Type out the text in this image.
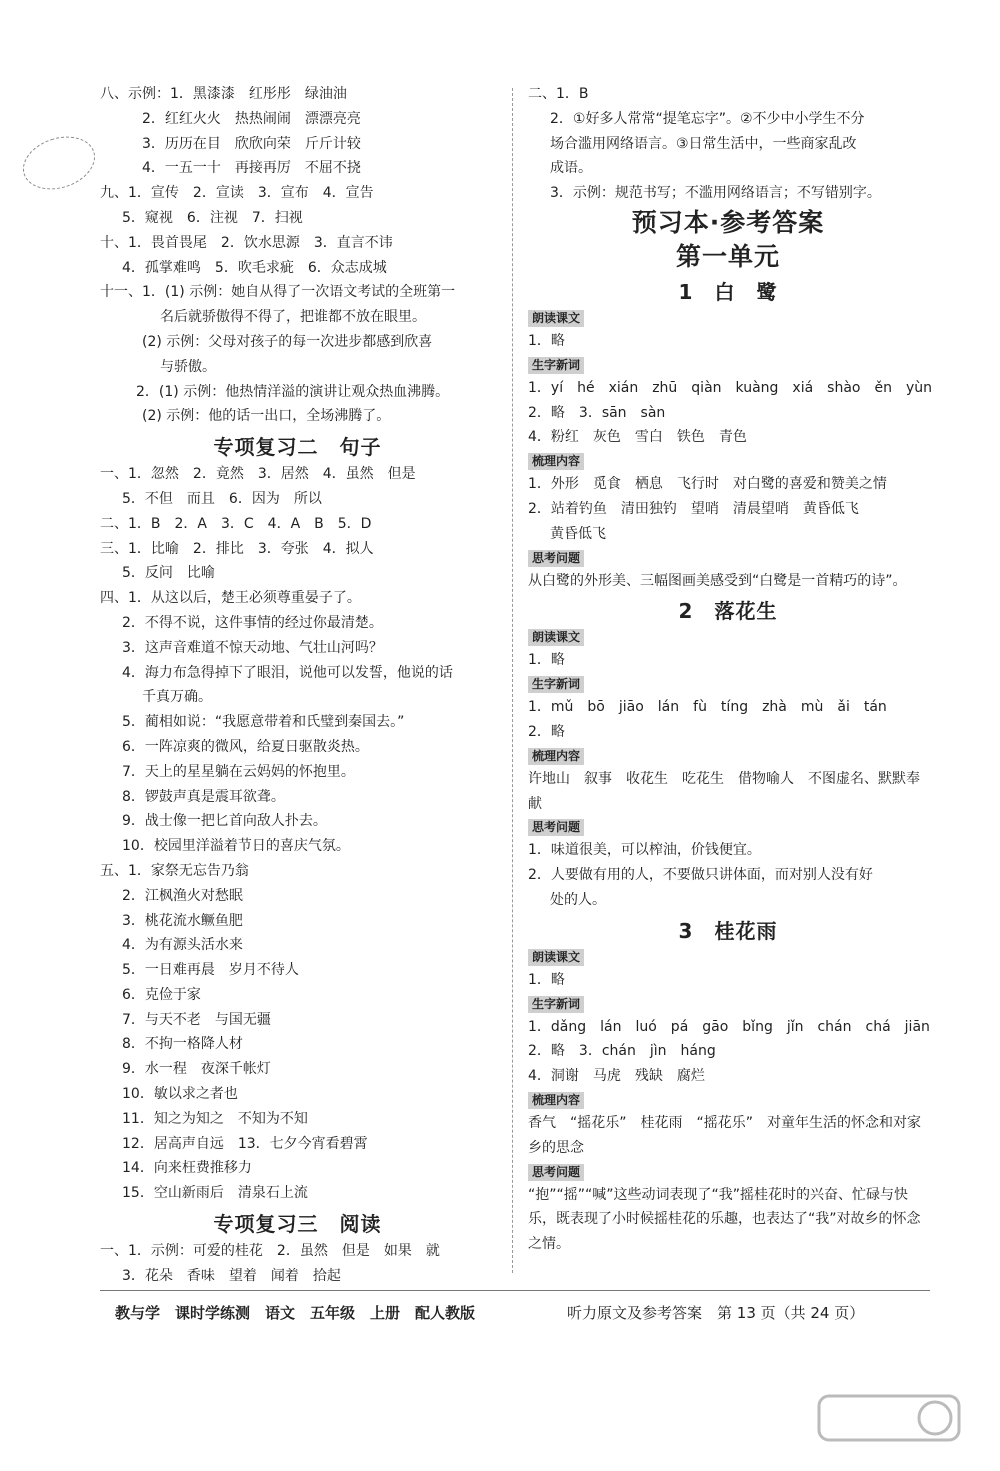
八、示例：1．黑漆漆　红彤彤　绿油油
2．红红火火　热热闹闹　漂漂亮亮
3．历历在目　欣欣向荣　斤斤计较
4．一五一十　再接再厉　不屈不挠
九、1．宣传　2．宣读　3．宣布　4．宣告
5．窥视　6．注视　7．扫视
十、1．畏首畏尾　2．饮水思源　3．直言不讳
4．孤掌难鸣　5．吹毛求疵　6．众志成城
十一、1．(1) 示例：她自从得了一次语文考试的全班第一
名后就骄傲得不得了，把谁都不放在眼里。
(2) 示例：父母对孩子的每一次进步都感到欣喜
与骄傲。
　2．(1) 示例：他热情洋溢的演讲让观众热血沸腾。
(2) 示例：他的话一出口，全场沸腾了。
专项复习二　句子
一、1．忽然　2．竟然　3．居然　4．虽然　但是
5．不但　而且　6．因为　所以
二、1．B　2．A　3．C　4．A　B　5．D
三、1．比喻　2．排比　3．夸张　4．拟人
5．反问　比喻
四、1．从这以后，楚王必须尊重晏子了。
2．不得不说，这件事情的经过你最清楚。
3．这声音难道不惊天动地、气壮山河吗？
4．海力布急得掉下了眼泪，说他可以发誓，他说的话
千真万确。
5．蔺相如说：“我愿意带着和氏璧到秦国去。”
6．一阵凉爽的微风，给夏日驱散炎热。
7．天上的星星躺在云妈妈的怀抱里。
8．锣鼓声真是震耳欲聋。
9．战士像一把匕首向敌人扑去。
10．校园里洋溢着节日的喜庆气氛。
五、1．家祭无忘告乃翁
2．江枫渔火对愁眠
3．桃花流水鳜鱼肥
4．为有源头活水来
5．一日难再晨　岁月不待人
6．克俭于家
7．与天不老　与国无疆
8．不拘一格降人材
9．水一程　夜深千帐灯
10．敏以求之者也
11．知之为知之　不知为不知
12．居高声自远　13．七夕今宵看碧霄
14．向来枉费推移力
15．空山新雨后　清泉石上流
专项复习三　阅读
一、1．示例：可爱的桂花　2．虽然　但是　如果　就
3．花朵　香味　望着　闻着　拾起
二、1．B
2．①好多人常常“提笔忘字”。②不少中小学生不分
场合滥用网络语言。③日常生活中，一些商家乱改
成语。
3．示例：规范书写；不滥用网络语言；不写错别字。
预习本·参考答案
第一单元
1　白　鹭
朗读课文
1．略
生字新词
1．yí　hé　xián　zhū　qiàn　kuàng　xiá　shào　ěn　yùn
2．略　3．sān　sàn
4．粉红　灰色　雪白　铁色　青色
梳理内容
1．外形　觅食　栖息　飞行时　对白鹭的喜爱和赞美之情
2．站着钓鱼　清田独钓　望哨　清晨望哨　黄昏低飞
黄昏低飞
思考问题
从白鹭的外形美、三幅图画美感受到“白鹭是一首精巧的诗”。
2　落花生
朗读课文
1．略
生字新词
1．mǔ　bō　jiāo　lán　fù　tíng　zhà　mù　ǎi　tán
2．略
梳理内容
许地山　叙事　收花生　吃花生　借物喻人　不图虚名、默默奉献
思考问题
1．味道很美，可以榨油，价钱便宜。
2．人要做有用的人，不要做只讲体面，而对别人没有好
处的人。
3　桂花雨
朗读课文
1．略
生字新词
1．dǎng　lán　luó　pá　gāo　bǐng　jǐn　chán　chá　jiān
2．略　3．chán　jìn　háng
4．洞谢　马虎　残缺　腐烂
梳理内容
香气　“摇花乐”　桂花雨　“摇花乐”　对童年生活的怀念和对家乡的思念
思考问题
“抱”“摇”“喊”这些动词表现了“我”摇桂花时的兴奋、忙碌与快乐，既表现了小时候摇桂花的乐趣，也表达了“我”对故乡的怀念之情。
教与学　课时学练测　语文　五年级　上册　配人教版	听力原文及参考答案　第 13 页（共 24 页）
